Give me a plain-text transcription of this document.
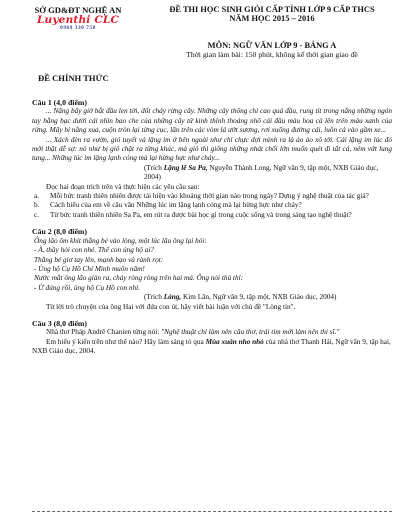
SỞ GD&ĐT NGHỆ AN
Luyenthi CLC
0969 330 758
ĐỀ THI HỌC SINH GIỎI CẤP TỈNH LỚP 9 CẤP THCS
NĂM HỌC 2015 – 2016
MÔN: NGỮ VĂN LỚP 9 - BẢNG A
Thời gian làm bài: 150 phút, không kể thời gian giao đề
ĐỀ CHÍNH THỨC
Câu 1 (4,0 điểm)
... Nắng bây giờ bắt đầu len tới, đốt cháy rừng cây. Những cây thông chỉ cao quá đầu, rung tít trong nắng những ngón tay bằng bạc dưới cái nhìn bao che của những cây tử kinh thỉnh thoảng nhô cái đầu màu hoa cà lên trên màu xanh của rừng. Mây bị nắng xua, cuộn tròn lại từng cục, lăn trên các vòm lá ướt sương, rơi xuống đường cái, luồn cả vào gầm xe...
... Xách đèn ra vườn, gió tuyết và lặng im ở bên ngoài như chỉ chực đợi mình ra là ào ào xô tới. Cái lặng im lúc đó mới thật dễ sợ: nó như bị gió chặt ra từng khúc, mà gió thì giống những nhát chổi lớn muốn quét đi tất cả, ném vứt lung tung... Những lúc im lặng lạnh cóng mà lại hừng hực như cháy...
(Trích Lặng lẽ Sa Pa, Nguyễn Thành Long, Ngữ văn 9, tập một, NXB Giáo dục, 2004)
Đọc hai đoạn trích trên và thực hiện các yêu cầu sau:
a.	Mỗi bức tranh thiên nhiên được tái hiện vào khoảng thời gian nào trong ngày? Dựng ý nghệ thuật của tác giả?
b.	Cách hiểu của em về câu văn Những lúc im lặng lạnh cóng mà lại hừng hực như cháy?
c.	Từ bức tranh thiên nhiên Sa Pa, em rút ra được bài học gì trong cuộc sống và trong sáng tạo nghệ thuật?
Câu 2 (8,0 điểm)
Ông lão ôm khít thằng bé vào lòng, một lúc lâu ông lại hỏi:
- À, thầy hỏi con nhé. Thế con ủng hộ ai?
Thằng bé giơ tay lên, mạnh bạo và rành rọt:
- Ủng hộ Cụ Hồ Chí Minh muôn năm!
Nước mắt ông lão giàn ra, chảy ròng ròng trên hai má. Ông nói thủ thỉ:
- Ừ đúng rồi, ủng hộ Cụ Hồ con nhỉ.
(Trích Làng, Kim Lân, Ngữ văn 9, tập một, NXB Giáo dục, 2004)
Từ lời trò chuyện của ông Hai với đứa con út, hãy viết bài luận với chủ đề "Lòng tin".
Câu 3 (8,0 điểm)
Nhà thơ Pháp Andrê Chanien từng nói: "Nghệ thuật chỉ làm nên câu thơ, trái tim mới làm nên thi sĩ."
Em hiểu ý kiến trên như thế nào? Hãy làm sáng tỏ qua Mùa xuân nho nhỏ của nhà thơ Thanh Hải, Ngữ văn 9, tập hai, NXB Giáo dục, 2004.
